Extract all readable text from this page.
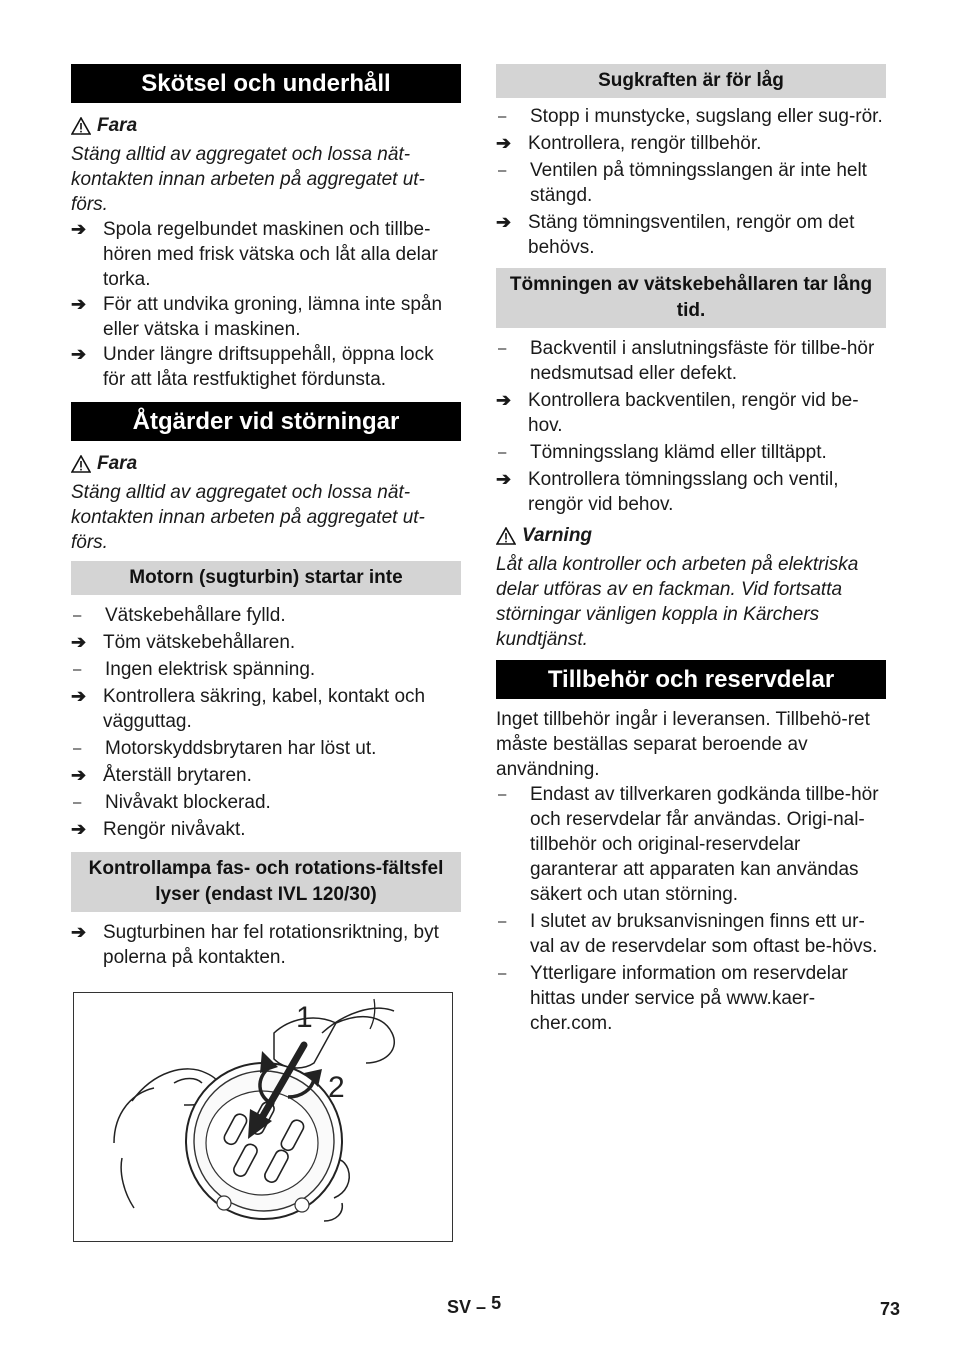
Skötsel och underhåll
Fara
Stäng alltid av aggregatet och lossa nät-kontakten innan arbeten på aggregatet ut-förs.
➔ Spola regelbundet maskinen och tillbe-hören med frisk vätska och låt alla delar torka.
➔ För att undvika groning, lämna inte spån eller vätska i maskinen.
➔ Under längre driftsuppehåll, öppna lock för att låta restfuktighet fördunsta.
Åtgärder vid störningar
Fara
Stäng alltid av aggregatet och lossa nät-kontakten innan arbeten på aggregatet ut-förs.
Motorn (sugturbin) startar inte
–	Vätskebehållare fylld.
➔ Töm vätskebehållaren.
–	Ingen elektrisk spänning.
➔ Kontrollera säkring, kabel, kontakt och vägguttag.
–	Motorskyddsbrytaren har löst ut.
➔ Återställ brytaren.
–	Nivåvakt blockerad.
➔ Rengör nivåvakt.
Kontrollampa fas- och rotations-fältsfel lyser (endast IVL 120/30)
➔ Sugturbinen har fel rotationsriktning, byt polerna på kontakten.
1
2
Sugkraften är för låg
–	Stopp i munstycke, sugslang eller sug-rör.
➔ Kontrollera, rengör tillbehör.
–	Ventilen på tömningsslangen är inte helt stängd.
➔ Stäng tömningsventilen, rengör om det behövs.
Tömningen av vätskebehållaren tar lång tid.
–	Backventil i anslutningsfäste för tillbe-hör nedsmutsad eller defekt.
➔ Kontrollera backventilen, rengör vid be-hov.
–	Tömningsslang klämd eller tilltäppt.
➔ Kontrollera tömningsslang och ventil, rengör vid behov.
Varning
Låt alla kontroller och arbeten på elektriska delar utföras av en fackman. Vid fortsatta störningar vänligen koppla in Kärchers kundtjänst.
Tillbehör och reservdelar
Inget tillbehör ingår i leveransen. Tillbehö-ret måste beställas separat beroende av användning.
–	Endast av tillverkaren godkända tillbe-hör och reservdelar får användas. Origi-nal-tillbehör och original-reservdelar garanterar att apparaten kan användas säkert och utan störning.
–	I slutet av bruksanvisningen finns ett ur-val av de reservdelar som oftast be-hövs.
–	Ytterligare information om reservdelar hittas under service på www.kaer-cher.com.
SV – 5	73
